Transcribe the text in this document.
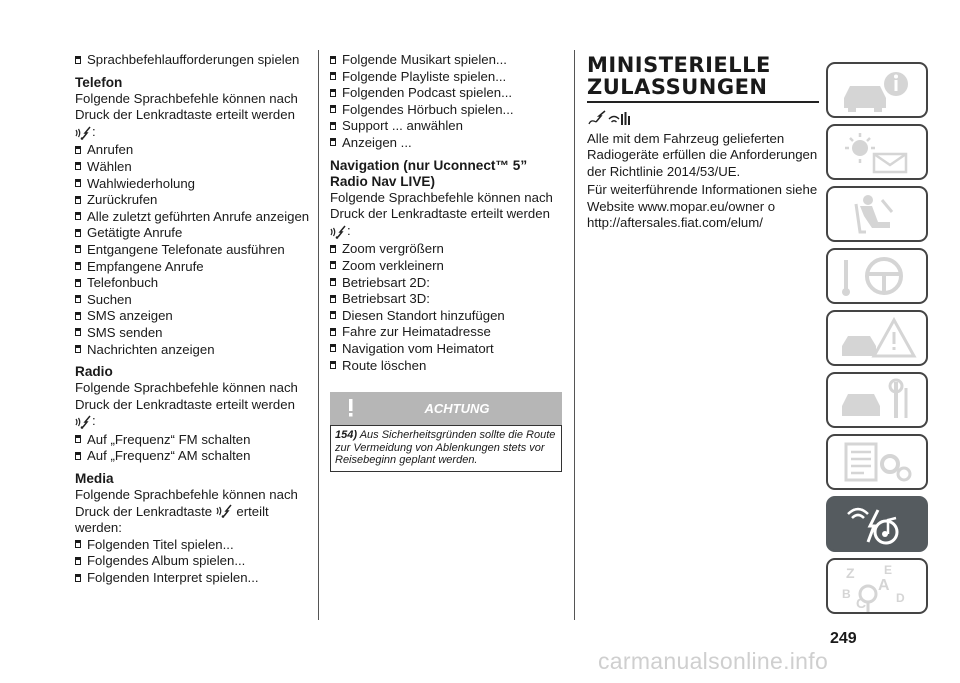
Sprachbefehlaufforderungen spielen
Telefon

Folgende Sprachbefehle können nach Druck der Lenkradtaste erteilt werden
:

Anrufen
Wählen
Wahlwiederholung
Zurückrufen
Alle zuletzt geführten Anrufe anzeigen
Getätigte Anrufe
Entgangene Telefonate ausführen
Empfangene Anrufe
Telefonbuch
Suchen
SMS anzeigen
SMS senden
Nachrichten anzeigen
Radio

Folgende Sprachbefehle können nach Druck der Lenkradtaste erteilt werden
:

Auf „Frequenz“ FM schalten
Auf „Frequenz“ AM schalten
Media

Folgende Sprachbefehle können nach Druck der Lenkradtaste erteilt
werden:

Folgenden Titel spielen...
Folgendes Album spielen...
Folgenden Interpret spielen...
Folgende Musikart spielen...
Folgende Playliste spielen...
Folgenden Podcast spielen...
Folgendes Hörbuch spielen...
Support ... anwählen
Anzeigen ...
Navigation (nur Uconnect™ 5”
Radio Nav LIVE)

Folgende Sprachbefehle können nach Druck der Lenkradtaste erteilt werden
:

Zoom vergrößern
Zoom verkleinern
Betriebsart 2D:
Betriebsart 3D:
Diesen Standort hinzufügen
Fahre zur Heimatadresse
Navigation vom Heimatort
Route löschen
ACHTUNG
154) Aus Sicherheitsgründen sollte die Route zur Vermeidung von Ablenkungen stets vor Reisebeginn geplant werden.
MINISTERIELLE
ZULASSUNGEN

Alle mit dem Fahrzeug gelieferten Radiogeräte erfüllen die Anforderungen der Richtlinie 2014/53/UE.

Für weiterführende Informationen siehe Website www.mopar.eu/owner o http://aftersales.fiat.com/elum/

Z E
A
B	D
C
249
carmanualsonline.info
